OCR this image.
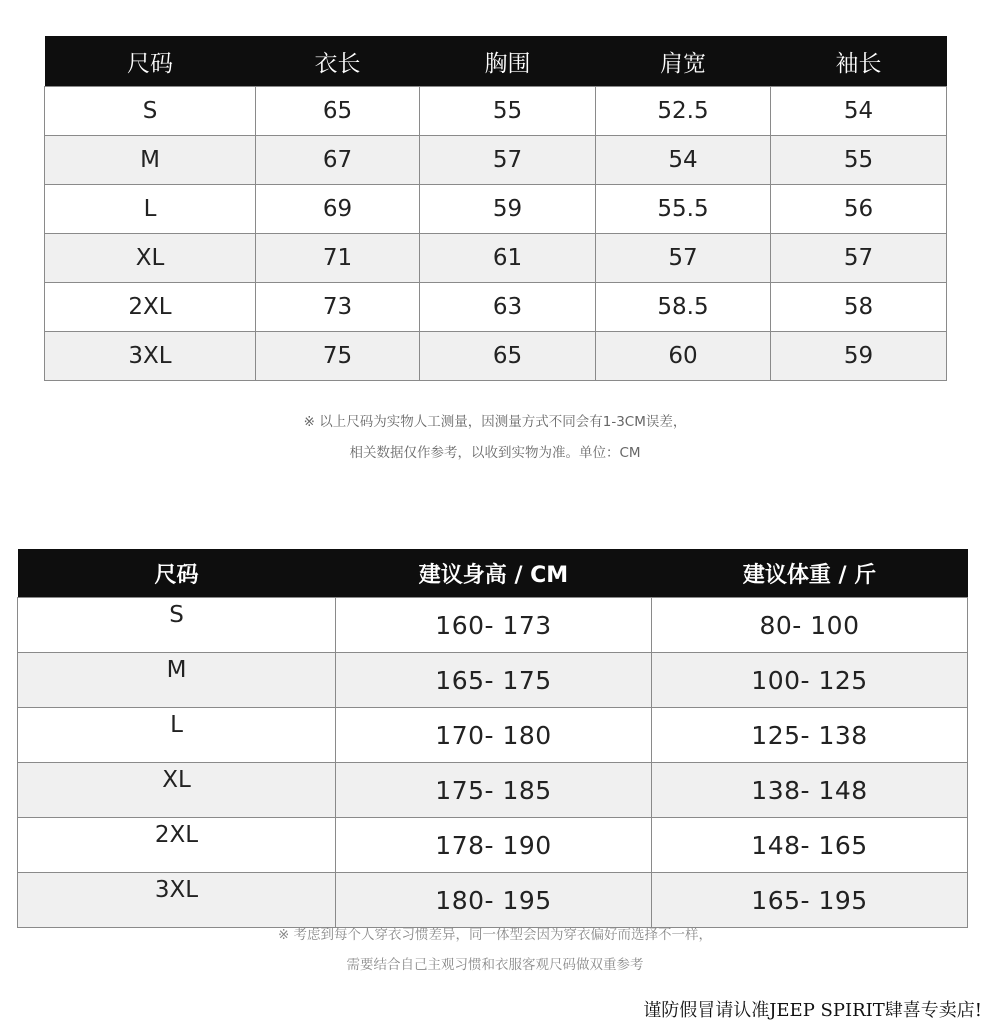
尺码	衣长	胸围	肩宽	袖长
S	65	55	52.5	54
M	67	57	54	55
L	69	59	55.5	56
XL	71	61	57	57
2XL	73	63	58.5	58
3XL	75	65	60	59
※ 以上尺码为实物人工测量，因测量方式不同会有1-3CM误差，
相关数据仅作参考，以收到实物为准。单位：CM
尺码	建议身高 / CM	建议体重 / 斤
S	160- 173	80- 100
M	165- 175	100- 125
L	170- 180	125- 138
XL	175- 185	138- 148
2XL	178- 190	148- 165
3XL	180- 195	165- 195
※ 考虑到每个人穿衣习惯差异，同一体型会因为穿衣偏好而选择不一样，
需要结合自己主观习惯和衣服客观尺码做双重参考
谨防假冒请认准JEEP SPIRIT肆喜专卖店!
